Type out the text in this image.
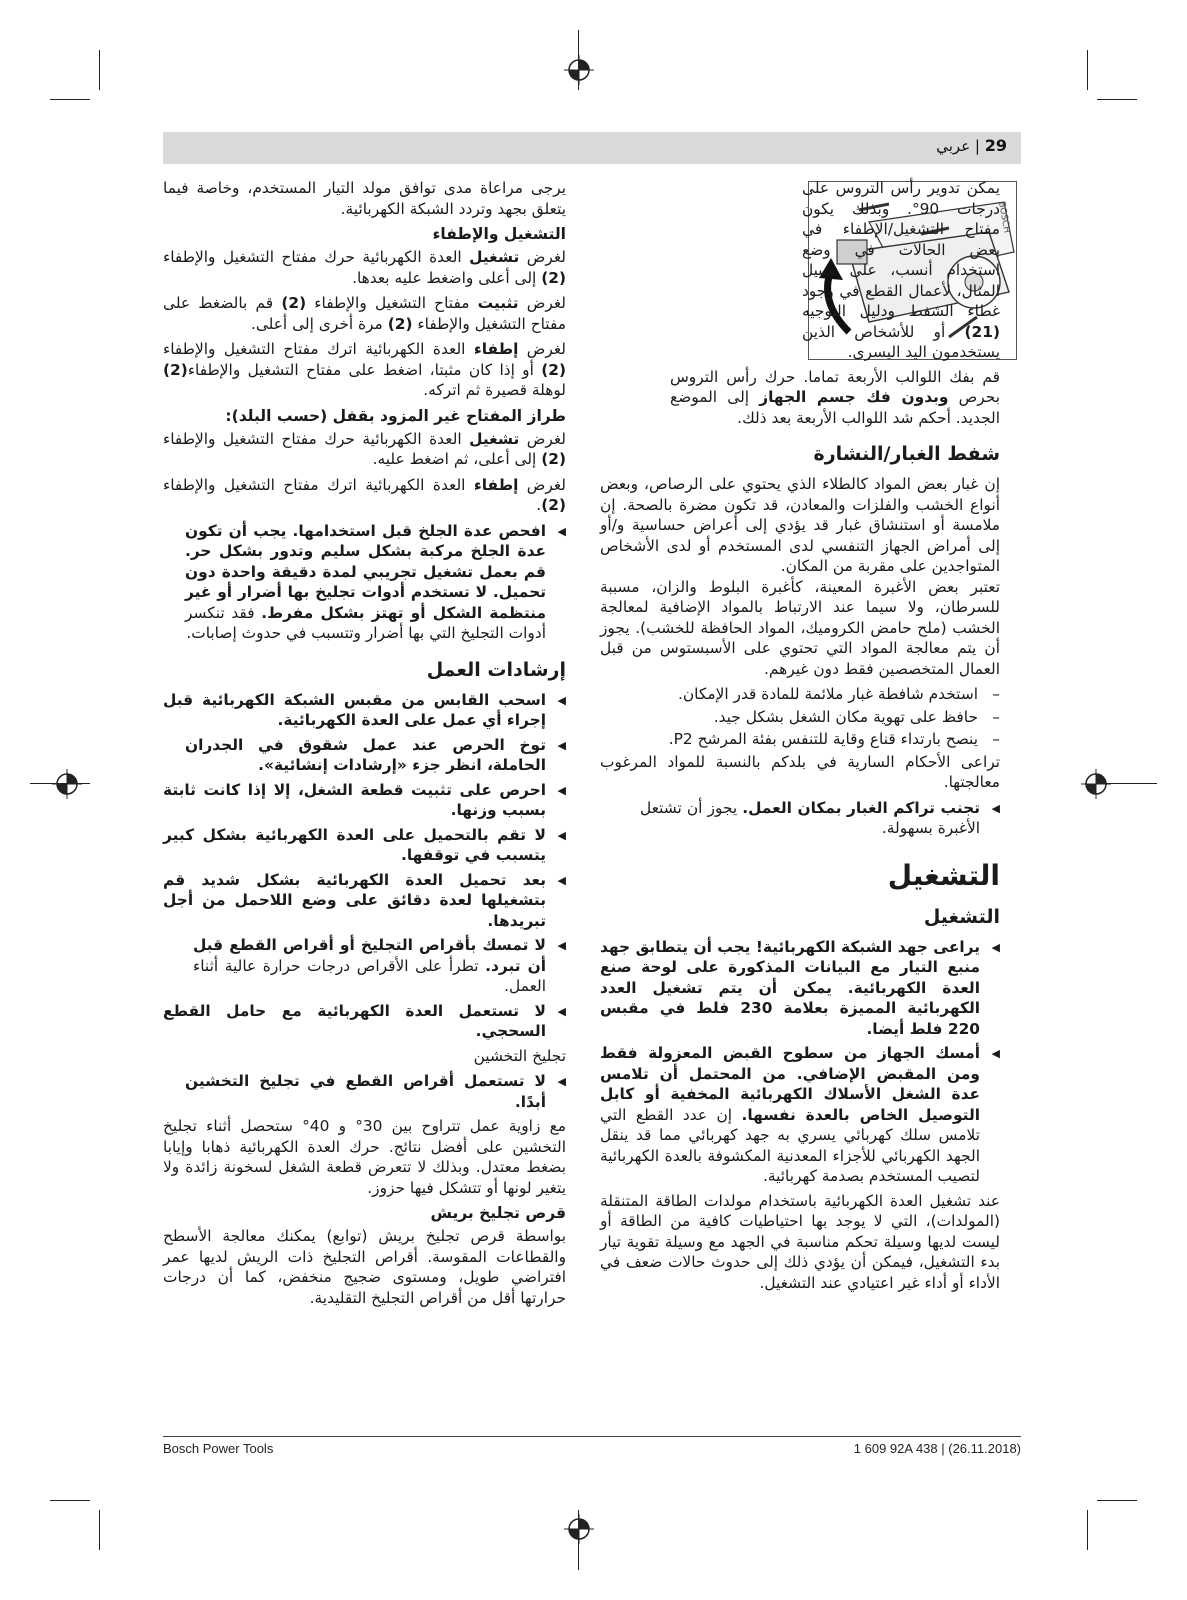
29 | عربي
BOSCH

يمكن تدوير رأس التروس على درجات 90°. وبذلك يكون مفتاح التشغيل/الإطفاء في بعض الحالات في وضع استخدام أنسب، على سبيل المثال، لأعمال القطع في وجود غطاء الشفط ودليل التوجيه (21) أو للأشخاص الذين يستخدمون اليد اليسرى.

قم بفك اللوالب الأربعة تماما. حرك رأس التروس بحرص وبدون فك جسم الجهاز إلى الموضع الجديد. أحكم شد اللوالب الأربعة بعد ذلك.

شفط الغبار/النشارة

إن غبار بعض المواد كالطلاء الذي يحتوي على الرصاص، وبعض أنواع الخشب والفلزات والمعادن، قد تكون مضرة بالصحة. إن ملامسة أو استنشاق غبار قد يؤدي إلى أعراض حساسية و/أو إلى أمراض الجهاز التنفسي لدى المستخدم أو لدى الأشخاص المتواجدين على مقربة من المكان.

تعتبر بعض الأغبرة المعينة، كأغبرة البلوط والزان، مسببة للسرطان، ولا سيما عند الارتباط بالمواد الإضافية لمعالجة الخشب (ملح حامض الكروميك، المواد الحافظة للخشب). يجوز أن يتم معالجة المواد التي تحتوي على الأسبستوس من قبل العمال المتخصصين فقط دون غيرهم.

–
استخدم شافطة غبار ملائمة للمادة قدر الإمكان.
–
حافظ على تهوية مكان الشغل بشكل جيد.
–
ينصح بارتداء قناع وقاية للتنفس بفئة المرشح P2.

تراعى الأحكام السارية في بلدكم بالنسبة للمواد المرغوب معالجتها.

◀
تجنب تراكم الغبار بمكان العمل. يجوز أن تشتعل الأغبرة بسهولة.
التشغيل
التشغيل
◀
يراعى جهد الشبكة الكهربائية! يجب أن يتطابق جهد منبع التيار مع البيانات المذكورة على لوحة صنع العدة الكهربائية. يمكن أن يتم تشغيل العدد الكهربائية المميزة بعلامة 230 فلط في مقبس 220 فلط أيضا.
◀
أمسك الجهاز من سطوح القبض المعزولة فقط ومن المقبض الإضافي. من المحتمل أن تلامس عدة الشغل الأسلاك الكهربائية المخفية أو كابل التوصيل الخاص بالعدة نفسها. إن عدد القطع التي تلامس سلك كهربائي يسري به جهد كهربائي مما قد ينقل الجهد الكهربائي للأجزاء المعدنية المكشوفة بالعدة الكهربائية لتصيب المستخدم بصدمة كهربائية.

عند تشغيل العدة الكهربائية باستخدام مولدات الطاقة المتنقلة (المولدات)، التي لا يوجد بها احتياطيات كافية من الطاقة أو ليست لديها وسيلة تحكم مناسبة في الجهد مع وسيلة تقوية تيار بدء التشغيل، فيمكن أن يؤدي ذلك إلى حدوث حالات ضعف في الأداء أو أداء غير اعتيادي عند التشغيل.

يرجى مراعاة مدى توافق مولد التيار المستخدم، وخاصة فيما يتعلق بجهد وتردد الشبكة الكهربائية.

التشغيل والإطفاء

لغرض تشغيل العدة الكهربائية حرك مفتاح التشغيل والإطفاء (2) إلى أعلى واضغط عليه بعدها.

لغرض تثبيت مفتاح التشغيل والإطفاء (2) قم بالضغط على مفتاح التشغيل والإطفاء (2) مرة أخرى إلى أعلى.

لغرض إطفاء العدة الكهربائية اترك مفتاح التشغيل والإطفاء (2) أو إذا كان مثبتا، اضغط على مفتاح التشغيل والإطفاء(2) لوهلة قصيرة ثم اتركه.

طراز المفتاح غير المزود بقفل (حسب البلد):

لغرض تشغيل العدة الكهربائية حرك مفتاح التشغيل والإطفاء (2) إلى أعلى، ثم اضغط عليه.

لغرض إطفاء العدة الكهربائية اترك مفتاح التشغيل والإطفاء (2).

◀
افحص عدة الجلخ قبل استخدامها. يجب أن تكون عدة الجلخ مركبة بشكل سليم وتدور بشكل حر. قم بعمل تشغيل تجريبي لمدة دقيقة واحدة دون تحميل. لا تستخدم أدوات تجليخ بها أضرار أو غير منتظمة الشكل أو تهتز بشكل مفرط. فقد تنكسر أدوات التجليخ التي بها أضرار وتتسبب في حدوث إصابات.
إرشادات العمل
◀
اسحب القابس من مقبس الشبكة الكهربائية قبل إجراء أي عمل على العدة الكهربائية.
◀
توخ الحرص عند عمل شقوق في الجدران الحاملة، انظر جزء «إرشادات إنشائية».
◀
احرص على تثبيت قطعة الشغل، إلا إذا كانت ثابتة بسبب وزنها.
◀
لا تقم بالتحميل على العدة الكهربائية بشكل كبير يتسبب في توقفها.
◀
بعد تحميل العدة الكهربائية بشكل شديد قم بتشغيلها لعدة دقائق على وضع اللاحمل من أجل تبريدها.
◀
لا تمسك بأقراص التجليخ أو أقراص القطع قبل أن تبرد. تطرأ على الأقراص درجات حرارة عالية أثناء العمل.
◀
لا تستعمل العدة الكهربائية مع حامل القطع السحجي.

تجليخ التخشين

◀
لا تستعمل أقراص القطع في تجليخ التخشين أبدًا.

مع زاوية عمل تتراوح بين 30° و 40° ستحصل أثناء تجليخ التخشين على أفضل نتائج. حرك العدة الكهربائية ذهابا وإيابا بضغط معتدل. وبذلك لا تتعرض قطعة الشغل لسخونة زائدة ولا يتغير لونها أو تتشكل فيها حزوز.

قرص تجليخ بريش

بواسطة قرص تجليخ بريش (توابع) يمكنك معالجة الأسطح والقطاعات المقوسة. أقراص التجليخ ذات الريش لديها عمر افتراضي طويل، ومستوى ضجيج منخفض، كما أن درجات حرارتها أقل من أقراص التجليخ التقليدية.

Bosch Power Tools	1 609 92A 438 | (26.11.2018)
